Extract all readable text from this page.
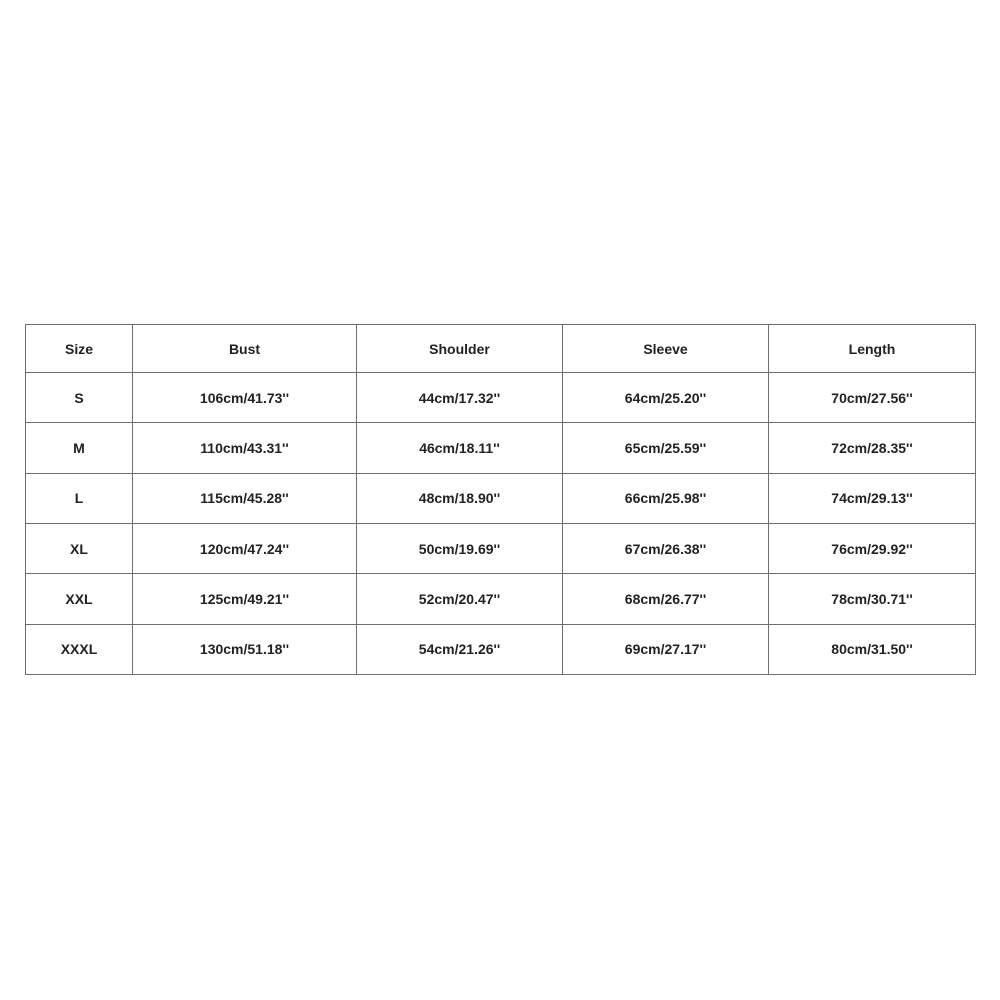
Size	Bust	Shoulder	Sleeve	Length
S	106cm/41.73''	44cm/17.32''	64cm/25.20''	70cm/27.56''
M	110cm/43.31''	46cm/18.11''	65cm/25.59''	72cm/28.35''
L	115cm/45.28''	48cm/18.90''	66cm/25.98''	74cm/29.13''
XL	120cm/47.24''	50cm/19.69''	67cm/26.38''	76cm/29.92''
XXL	125cm/49.21''	52cm/20.47''	68cm/26.77''	78cm/30.71''
XXXL	130cm/51.18''	54cm/21.26''	69cm/27.17''	80cm/31.50''
